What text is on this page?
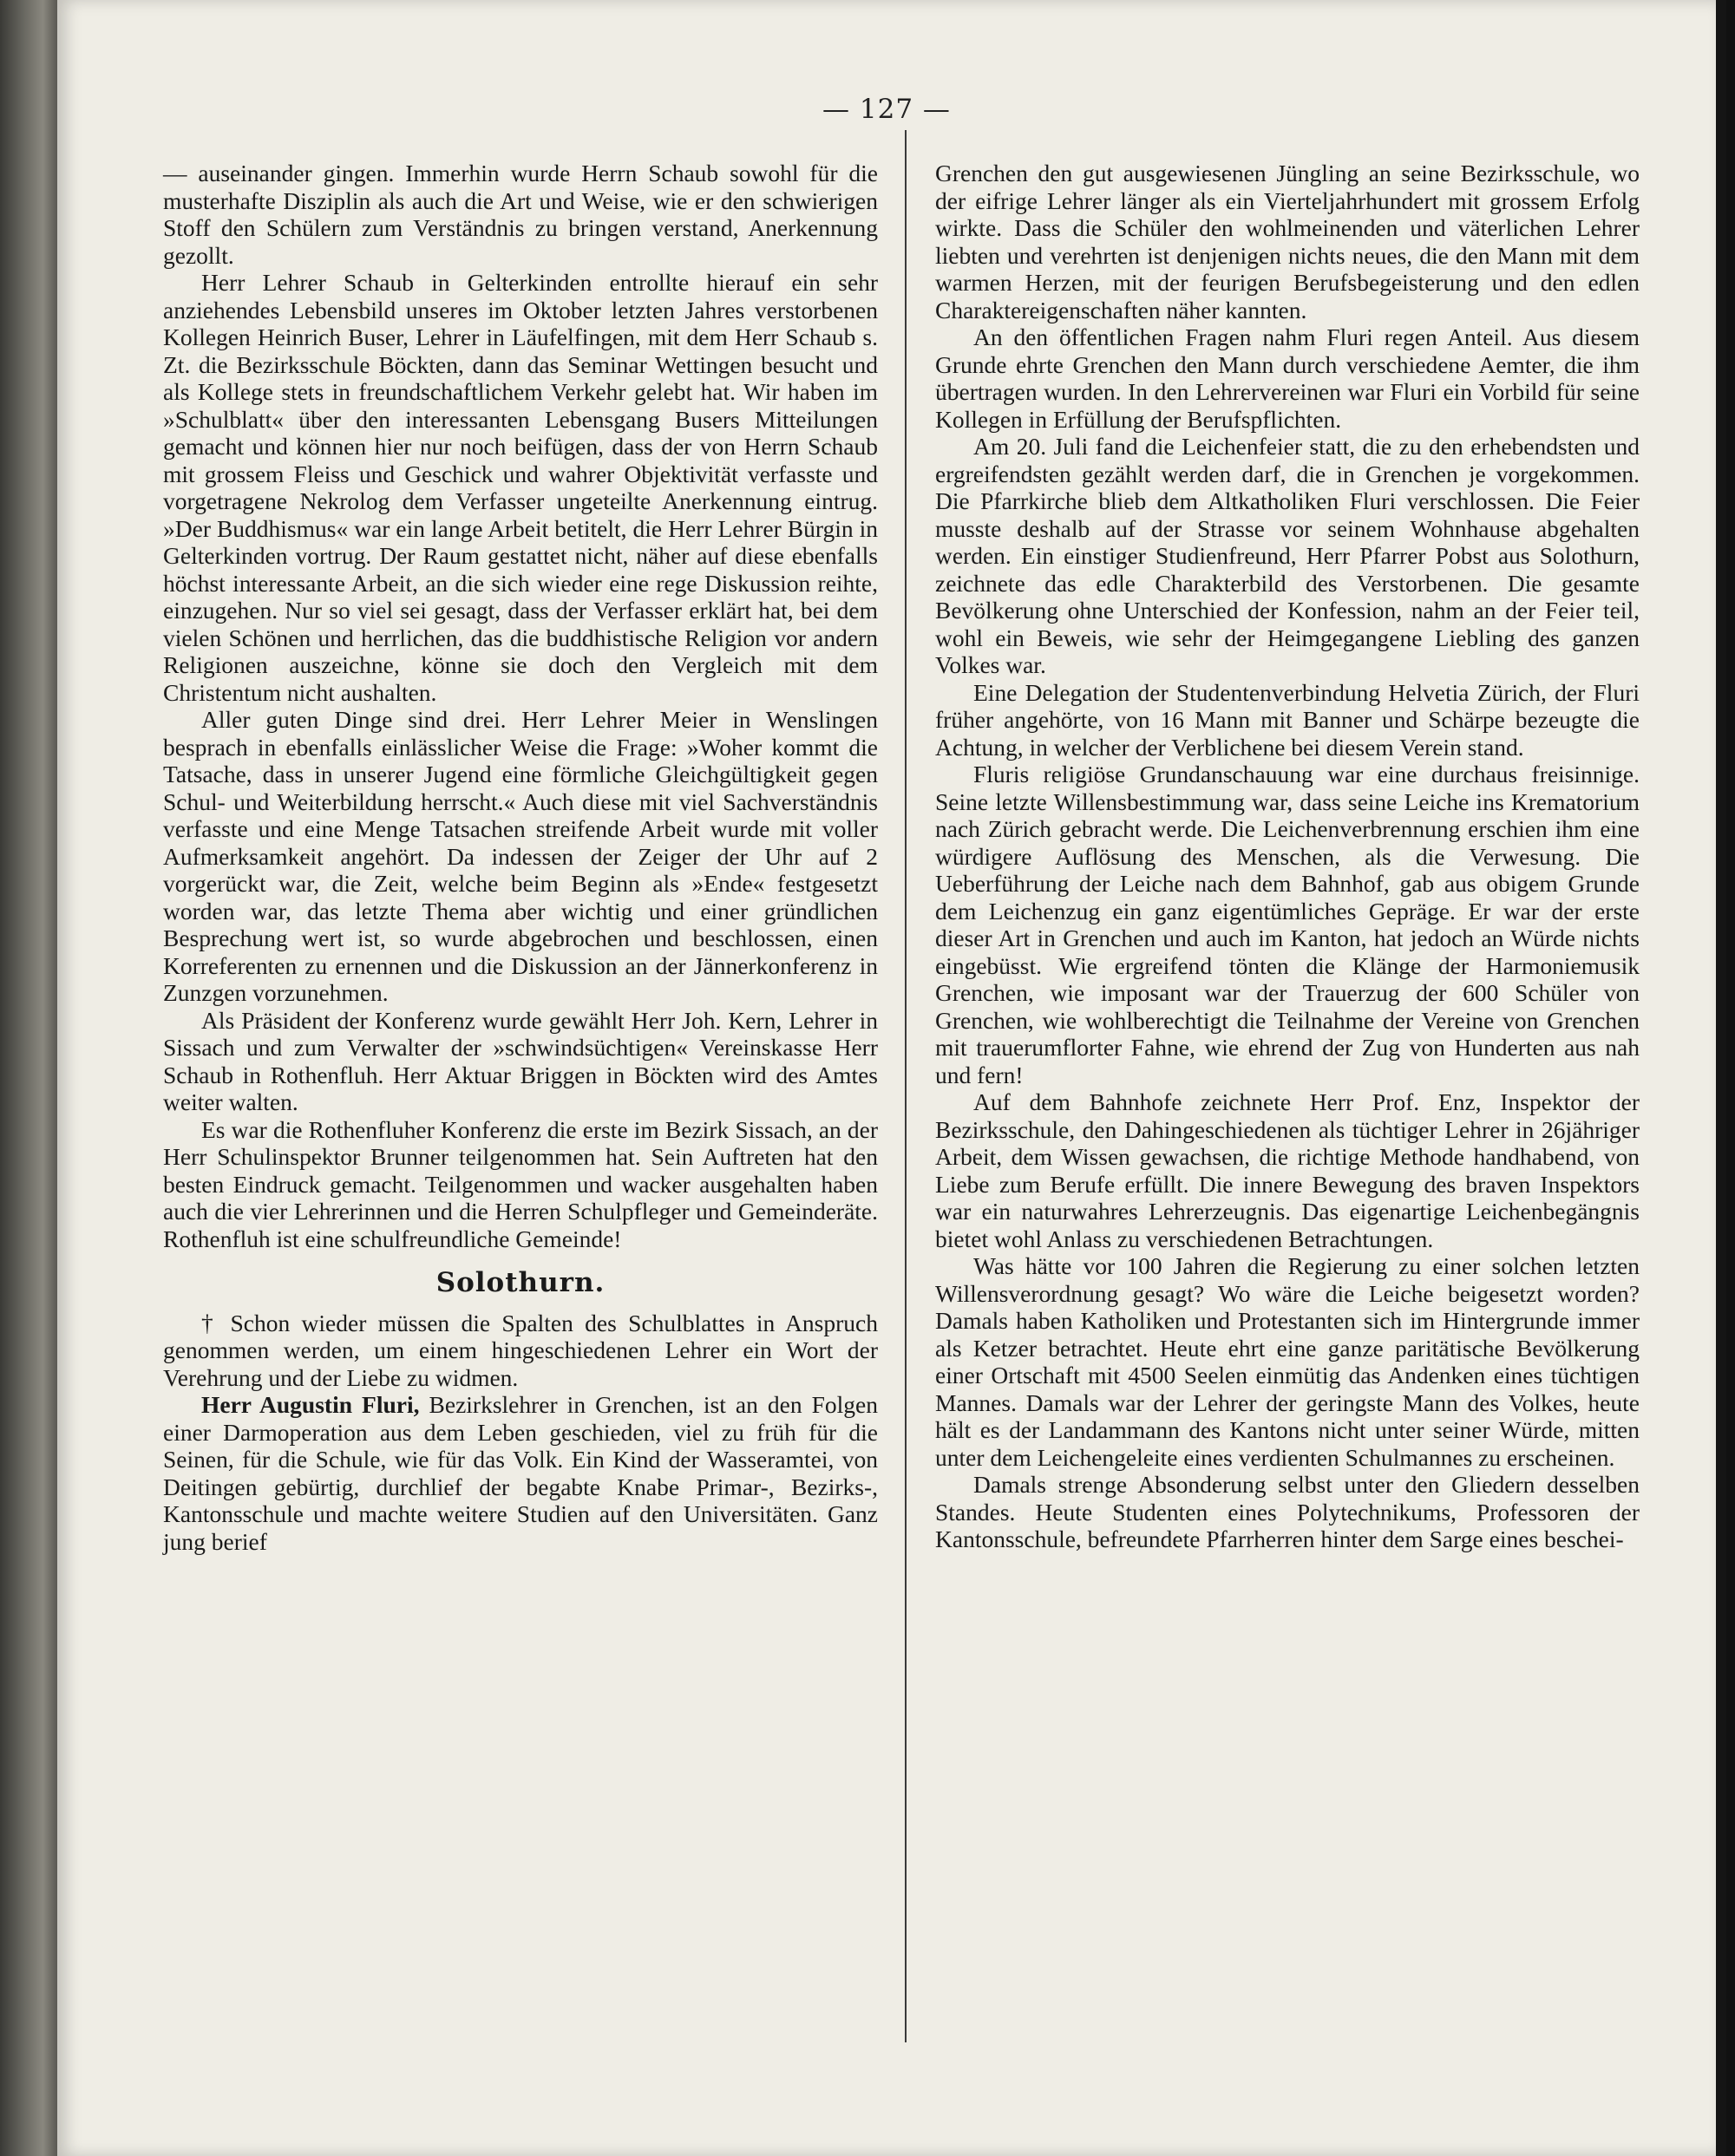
— 127 —

— auseinander gingen. Immerhin wurde Herrn Schaub sowohl für die musterhafte Disziplin als auch die Art und Weise, wie er den schwierigen Stoff den Schülern zum Verständnis zu bringen verstand, Anerkennung gezollt.

Herr Lehrer Schaub in Gelterkinden entrollte hierauf ein sehr anziehendes Lebensbild unseres im Oktober letzten Jahres verstorbenen Kollegen Heinrich Buser, Lehrer in Läufelfingen, mit dem Herr Schaub s. Zt. die Bezirksschule Böckten, dann das Seminar Wettingen besucht und als Kollege stets in freundschaftlichem Verkehr gelebt hat. Wir haben im »Schulblatt« über den interessanten Lebensgang Busers Mitteilungen gemacht und können hier nur noch beifügen, dass der von Herrn Schaub mit grossem Fleiss und Geschick und wahrer Objektivität verfasste und vorgetragene Nekrolog dem Verfasser ungeteilte Anerkennung eintrug. »Der Buddhismus« war ein lange Arbeit betitelt, die Herr Lehrer Bürgin in Gelterkinden vortrug. Der Raum gestattet nicht, näher auf diese ebenfalls höchst interessante Arbeit, an die sich wieder eine rege Diskussion reihte, einzugehen. Nur so viel sei gesagt, dass der Verfasser erklärt hat, bei dem vielen Schönen und herrlichen, das die buddhistische Religion vor andern Religionen auszeichne, könne sie doch den Vergleich mit dem Christentum nicht aushalten.

Aller guten Dinge sind drei. Herr Lehrer Meier in Wenslingen besprach in ebenfalls einlässlicher Weise die Frage: »Woher kommt die Tatsache, dass in unserer Jugend eine förmliche Gleichgültigkeit gegen Schul- und Weiterbildung herrscht.« Auch diese mit viel Sachverständnis verfasste und eine Menge Tatsachen streifende Arbeit wurde mit voller Aufmerksamkeit angehört. Da indessen der Zeiger der Uhr auf 2 vorgerückt war, die Zeit, welche beim Beginn als »Ende« festgesetzt worden war, das letzte Thema aber wichtig und einer gründlichen Besprechung wert ist, so wurde abgebrochen und beschlossen, einen Korreferenten zu ernennen und die Diskussion an der Jännerkonferenz in Zunzgen vorzunehmen.

Als Präsident der Konferenz wurde gewählt Herr Joh. Kern, Lehrer in Sissach und zum Verwalter der »schwindsüchtigen« Vereinskasse Herr Schaub in Rothenfluh. Herr Aktuar Briggen in Böckten wird des Amtes weiter walten.

Es war die Rothenfluher Konferenz die erste im Bezirk Sissach, an der Herr Schulinspektor Brunner teilgenommen hat. Sein Auftreten hat den besten Eindruck gemacht. Teilgenommen und wacker ausgehalten haben auch die vier Lehrerinnen und die Herren Schulpfleger und Gemeinderäte. Rothenfluh ist eine schulfreundliche Gemeinde!

Solothurn.

† Schon wieder müssen die Spalten des Schulblattes in Anspruch genommen werden, um einem hingeschiedenen Lehrer ein Wort der Verehrung und der Liebe zu widmen.

Herr Augustin Fluri, Bezirkslehrer in Grenchen, ist an den Folgen einer Darmoperation aus dem Leben geschieden, viel zu früh für die Seinen, für die Schule, wie für das Volk. Ein Kind der Wasseramtei, von Deitingen gebürtig, durchlief der begabte Knabe Primar-, Bezirks-, Kantonsschule und machte weitere Studien auf den Universitäten. Ganz jung berief

Grenchen den gut ausgewiesenen Jüngling an seine Bezirksschule, wo der eifrige Lehrer länger als ein Vierteljahrhundert mit grossem Erfolg wirkte. Dass die Schüler den wohlmeinenden und väterlichen Lehrer liebten und verehrten ist denjenigen nichts neues, die den Mann mit dem warmen Herzen, mit der feurigen Berufsbegeisterung und den edlen Charaktereigenschaften näher kannten.

An den öffentlichen Fragen nahm Fluri regen Anteil. Aus diesem Grunde ehrte Grenchen den Mann durch verschiedene Aemter, die ihm übertragen wurden. In den Lehrervereinen war Fluri ein Vorbild für seine Kollegen in Erfüllung der Berufspflichten.

Am 20. Juli fand die Leichenfeier statt, die zu den erhebendsten und ergreifendsten gezählt werden darf, die in Grenchen je vorgekommen. Die Pfarrkirche blieb dem Altkatholiken Fluri verschlossen. Die Feier musste deshalb auf der Strasse vor seinem Wohnhause abgehalten werden. Ein einstiger Studienfreund, Herr Pfarrer Pobst aus Solothurn, zeichnete das edle Charakterbild des Verstorbenen. Die gesamte Bevölkerung ohne Unterschied der Konfession, nahm an der Feier teil, wohl ein Beweis, wie sehr der Heimgegangene Liebling des ganzen Volkes war.

Eine Delegation der Studentenverbindung Helvetia Zürich, der Fluri früher angehörte, von 16 Mann mit Banner und Schärpe bezeugte die Achtung, in welcher der Verblichene bei diesem Verein stand.

Fluris religiöse Grundanschauung war eine durchaus freisinnige. Seine letzte Willensbestimmung war, dass seine Leiche ins Krematorium nach Zürich gebracht werde. Die Leichenverbrennung erschien ihm eine würdigere Auflösung des Menschen, als die Verwesung. Die Ueberführung der Leiche nach dem Bahnhof, gab aus obigem Grunde dem Leichenzug ein ganz eigentümliches Gepräge. Er war der erste dieser Art in Grenchen und auch im Kanton, hat jedoch an Würde nichts eingebüsst. Wie ergreifend tönten die Klänge der Harmoniemusik Grenchen, wie imposant war der Trauerzug der 600 Schüler von Grenchen, wie wohlberechtigt die Teilnahme der Vereine von Grenchen mit trauerumflorter Fahne, wie ehrend der Zug von Hunderten aus nah und fern!

Auf dem Bahnhofe zeichnete Herr Prof. Enz, Inspektor der Bezirksschule, den Dahingeschiedenen als tüchtiger Lehrer in 26jähriger Arbeit, dem Wissen gewachsen, die richtige Methode handhabend, von Liebe zum Berufe erfüllt. Die innere Bewegung des braven Inspektors war ein naturwahres Lehrerzeugnis. Das eigenartige Leichenbegängnis bietet wohl Anlass zu verschiedenen Betrachtungen.

Was hätte vor 100 Jahren die Regierung zu einer solchen letzten Willensverordnung gesagt? Wo wäre die Leiche beigesetzt worden? Damals haben Katholiken und Protestanten sich im Hintergrunde immer als Ketzer betrachtet. Heute ehrt eine ganze paritätische Bevölkerung einer Ortschaft mit 4500 Seelen einmütig das Andenken eines tüchtigen Mannes. Damals war der Lehrer der geringste Mann des Volkes, heute hält es der Landammann des Kantons nicht unter seiner Würde, mitten unter dem Leichengeleite eines verdienten Schulmannes zu erscheinen.

Damals strenge Absonderung selbst unter den Gliedern desselben Standes. Heute Studenten eines Polytechnikums, Professoren der Kantonsschule, befreundete Pfarrherren hinter dem Sarge eines beschei-
